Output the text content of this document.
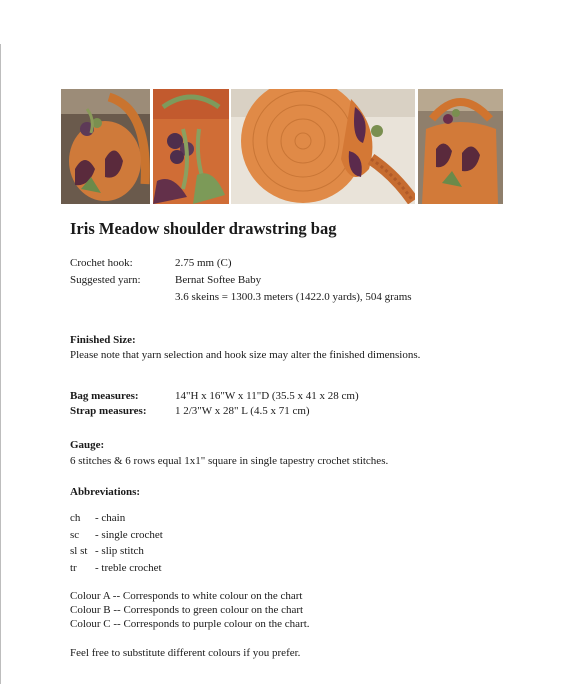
Iris Meadow shoulder drawstring bag
Crochet hook:	2.75 mm (C)
Suggested yarn:	Bernat Softee Baby
3.6 skeins = 1300.3 meters (1422.0 yards), 504 grams
Finished Size:
Please note that yarn selection and hook size may alter the finished dimensions.
Bag measures:	14"H x 16"W x 11"D (35.5 x 41 x 28 cm)
Strap measures:	1 2/3"W x 28" L (4.5 x 71 cm)
Gauge:
6 stitches & 6 rows equal 1x1" square in single tapestry crochet stitches.
Abbreviations:
ch - chain
sc - single crochet
sl st - slip stitch
tr - treble crochet
Colour A -- Corresponds to white colour on the chart
Colour B -- Corresponds to green colour on the chart
Colour C -- Corresponds to purple colour on the chart.
Feel free to substitute different colours if you prefer.
